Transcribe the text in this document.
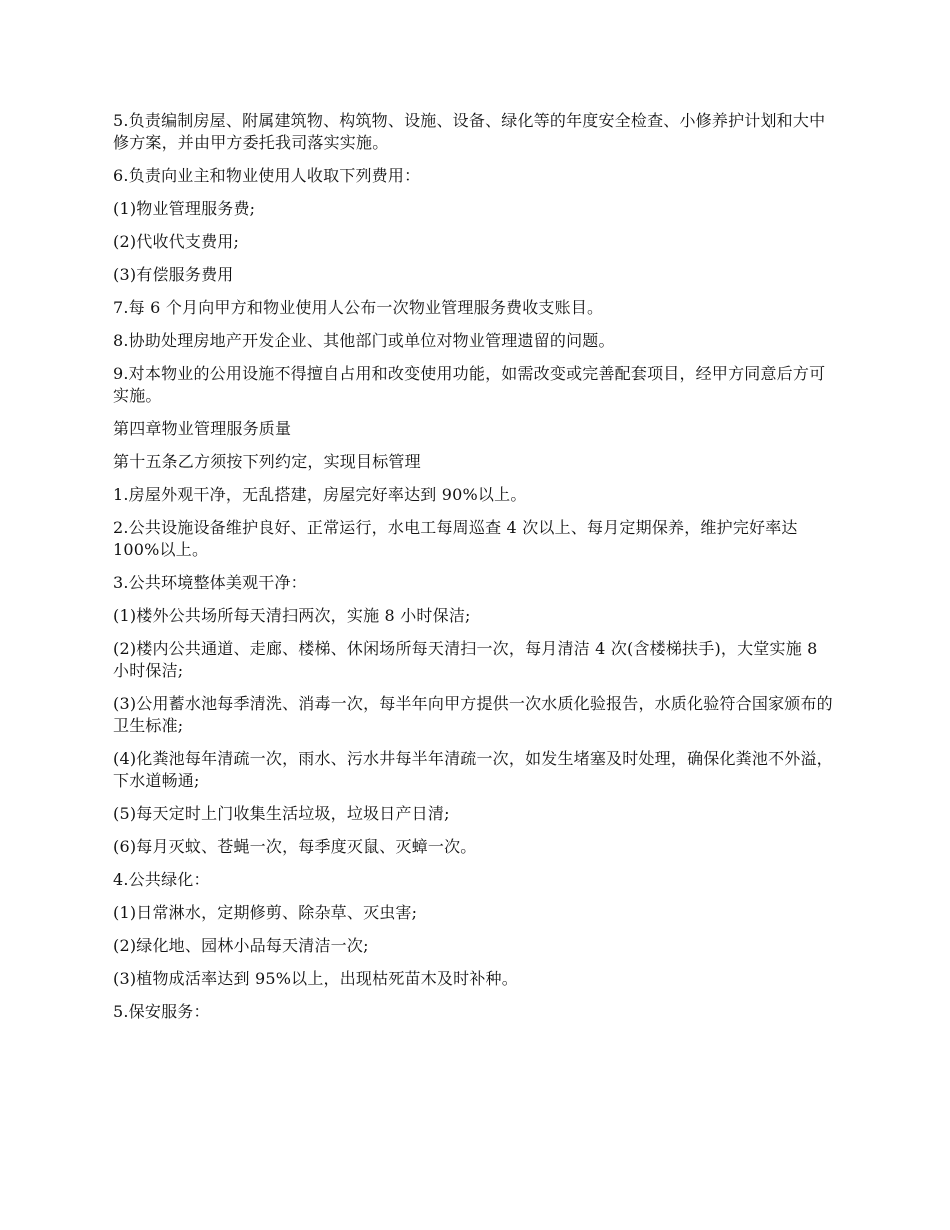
5.负责编制房屋、附属建筑物、构筑物、设施、设备、绿化等的年度安全检查、小修养护计划和大中修方案，并由甲方委托我司落实实施。

6.负责向业主和物业使用人收取下列费用：

(1)物业管理服务费;

(2)代收代支费用;

(3)有偿服务费用

7.每 6 个月向甲方和物业使用人公布一次物业管理服务费收支账目。

8.协助处理房地产开发企业、其他部门或单位对物业管理遗留的问题。

9.对本物业的公用设施不得擅自占用和改变使用功能，如需改变或完善配套项目，经甲方同意后方可实施。

第四章物业管理服务质量

第十五条乙方须按下列约定，实现目标管理

1.房屋外观干净，无乱搭建，房屋完好率达到 90%以上。

2.公共设施设备维护良好、正常运行，水电工每周巡查 4 次以上、每月定期保养，维护完好率达 100%以上。

3.公共环境整体美观干净：

(1)楼外公共场所每天清扫两次，实施 8 小时保洁;

(2)楼内公共通道、走廊、楼梯、休闲场所每天清扫一次，每月清洁 4 次(含楼梯扶手)，大堂实施 8 小时保洁;

(3)公用蓄水池每季清洗、消毒一次，每半年向甲方提供一次水质化验报告，水质化验符合国家颁布的卫生标准;

(4)化粪池每年清疏一次，雨水、污水井每半年清疏一次，如发生堵塞及时处理，确保化粪池不外溢，下水道畅通;

(5)每天定时上门收集生活垃圾，垃圾日产日清;

(6)每月灭蚊、苍蝇一次，每季度灭鼠、灭蟑一次。

4.公共绿化：

(1)日常淋水，定期修剪、除杂草、灭虫害;

(2)绿化地、园林小品每天清洁一次;

(3)植物成活率达到 95%以上，出现枯死苗木及时补种。

5.保安服务：
